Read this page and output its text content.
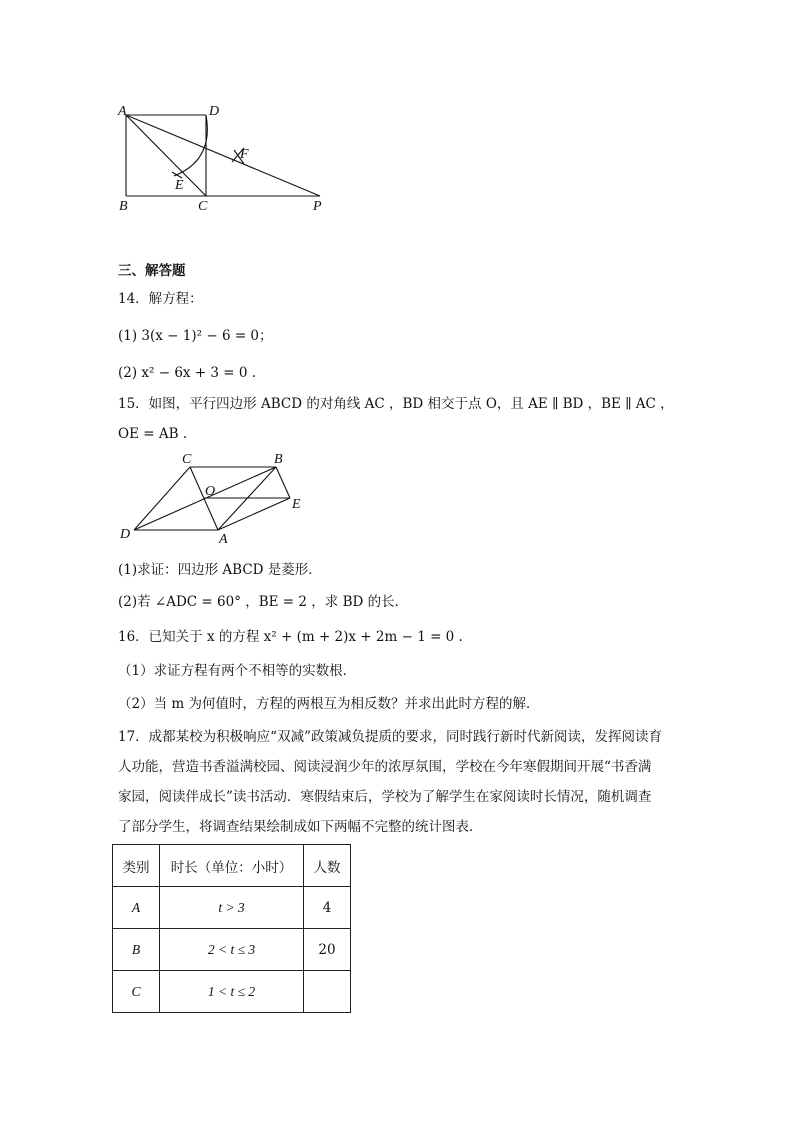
A	D
E
F
B	C	P
三、解答题
14．解方程：
(1) 3(x − 1)² − 6 = 0；
(2) x² − 6x + 3 = 0 .
15．如图，平行四边形 ABCD 的对角线 AC ，BD 相交于点 O，且 AE ∥ BD ，BE ∥ AC ，
OE = AB .
C	B
O
E
D	A
(1)求证：四边形 ABCD 是菱形．
(2)若 ∠ADC = 60° ，BE = 2 ，求 BD 的长．
16．已知关于 x 的方程 x² + (m + 2)x + 2m − 1 = 0 .
（1）求证方程有两个不相等的实数根．
（2）当 m 为何值时，方程的两根互为相反数？并求出此时方程的解．
17．成都某校为积极响应“双减”政策减负提质的要求，同时践行新时代新阅读，发挥阅读育
人功能，营造书香溢满校园、阅读浸润少年的浓厚氛围，学校在今年寒假期间开展“书香满
家园，阅读伴成长”读书活动．寒假结束后，学校为了解学生在家阅读时长情况，随机调查
了部分学生，将调查结果绘制成如下两幅不完整的统计图表．
类别	时长（单位：小时）	人数
A	t > 3	4
B	2 < t ≤ 3	20
C	1 < t ≤ 2	
